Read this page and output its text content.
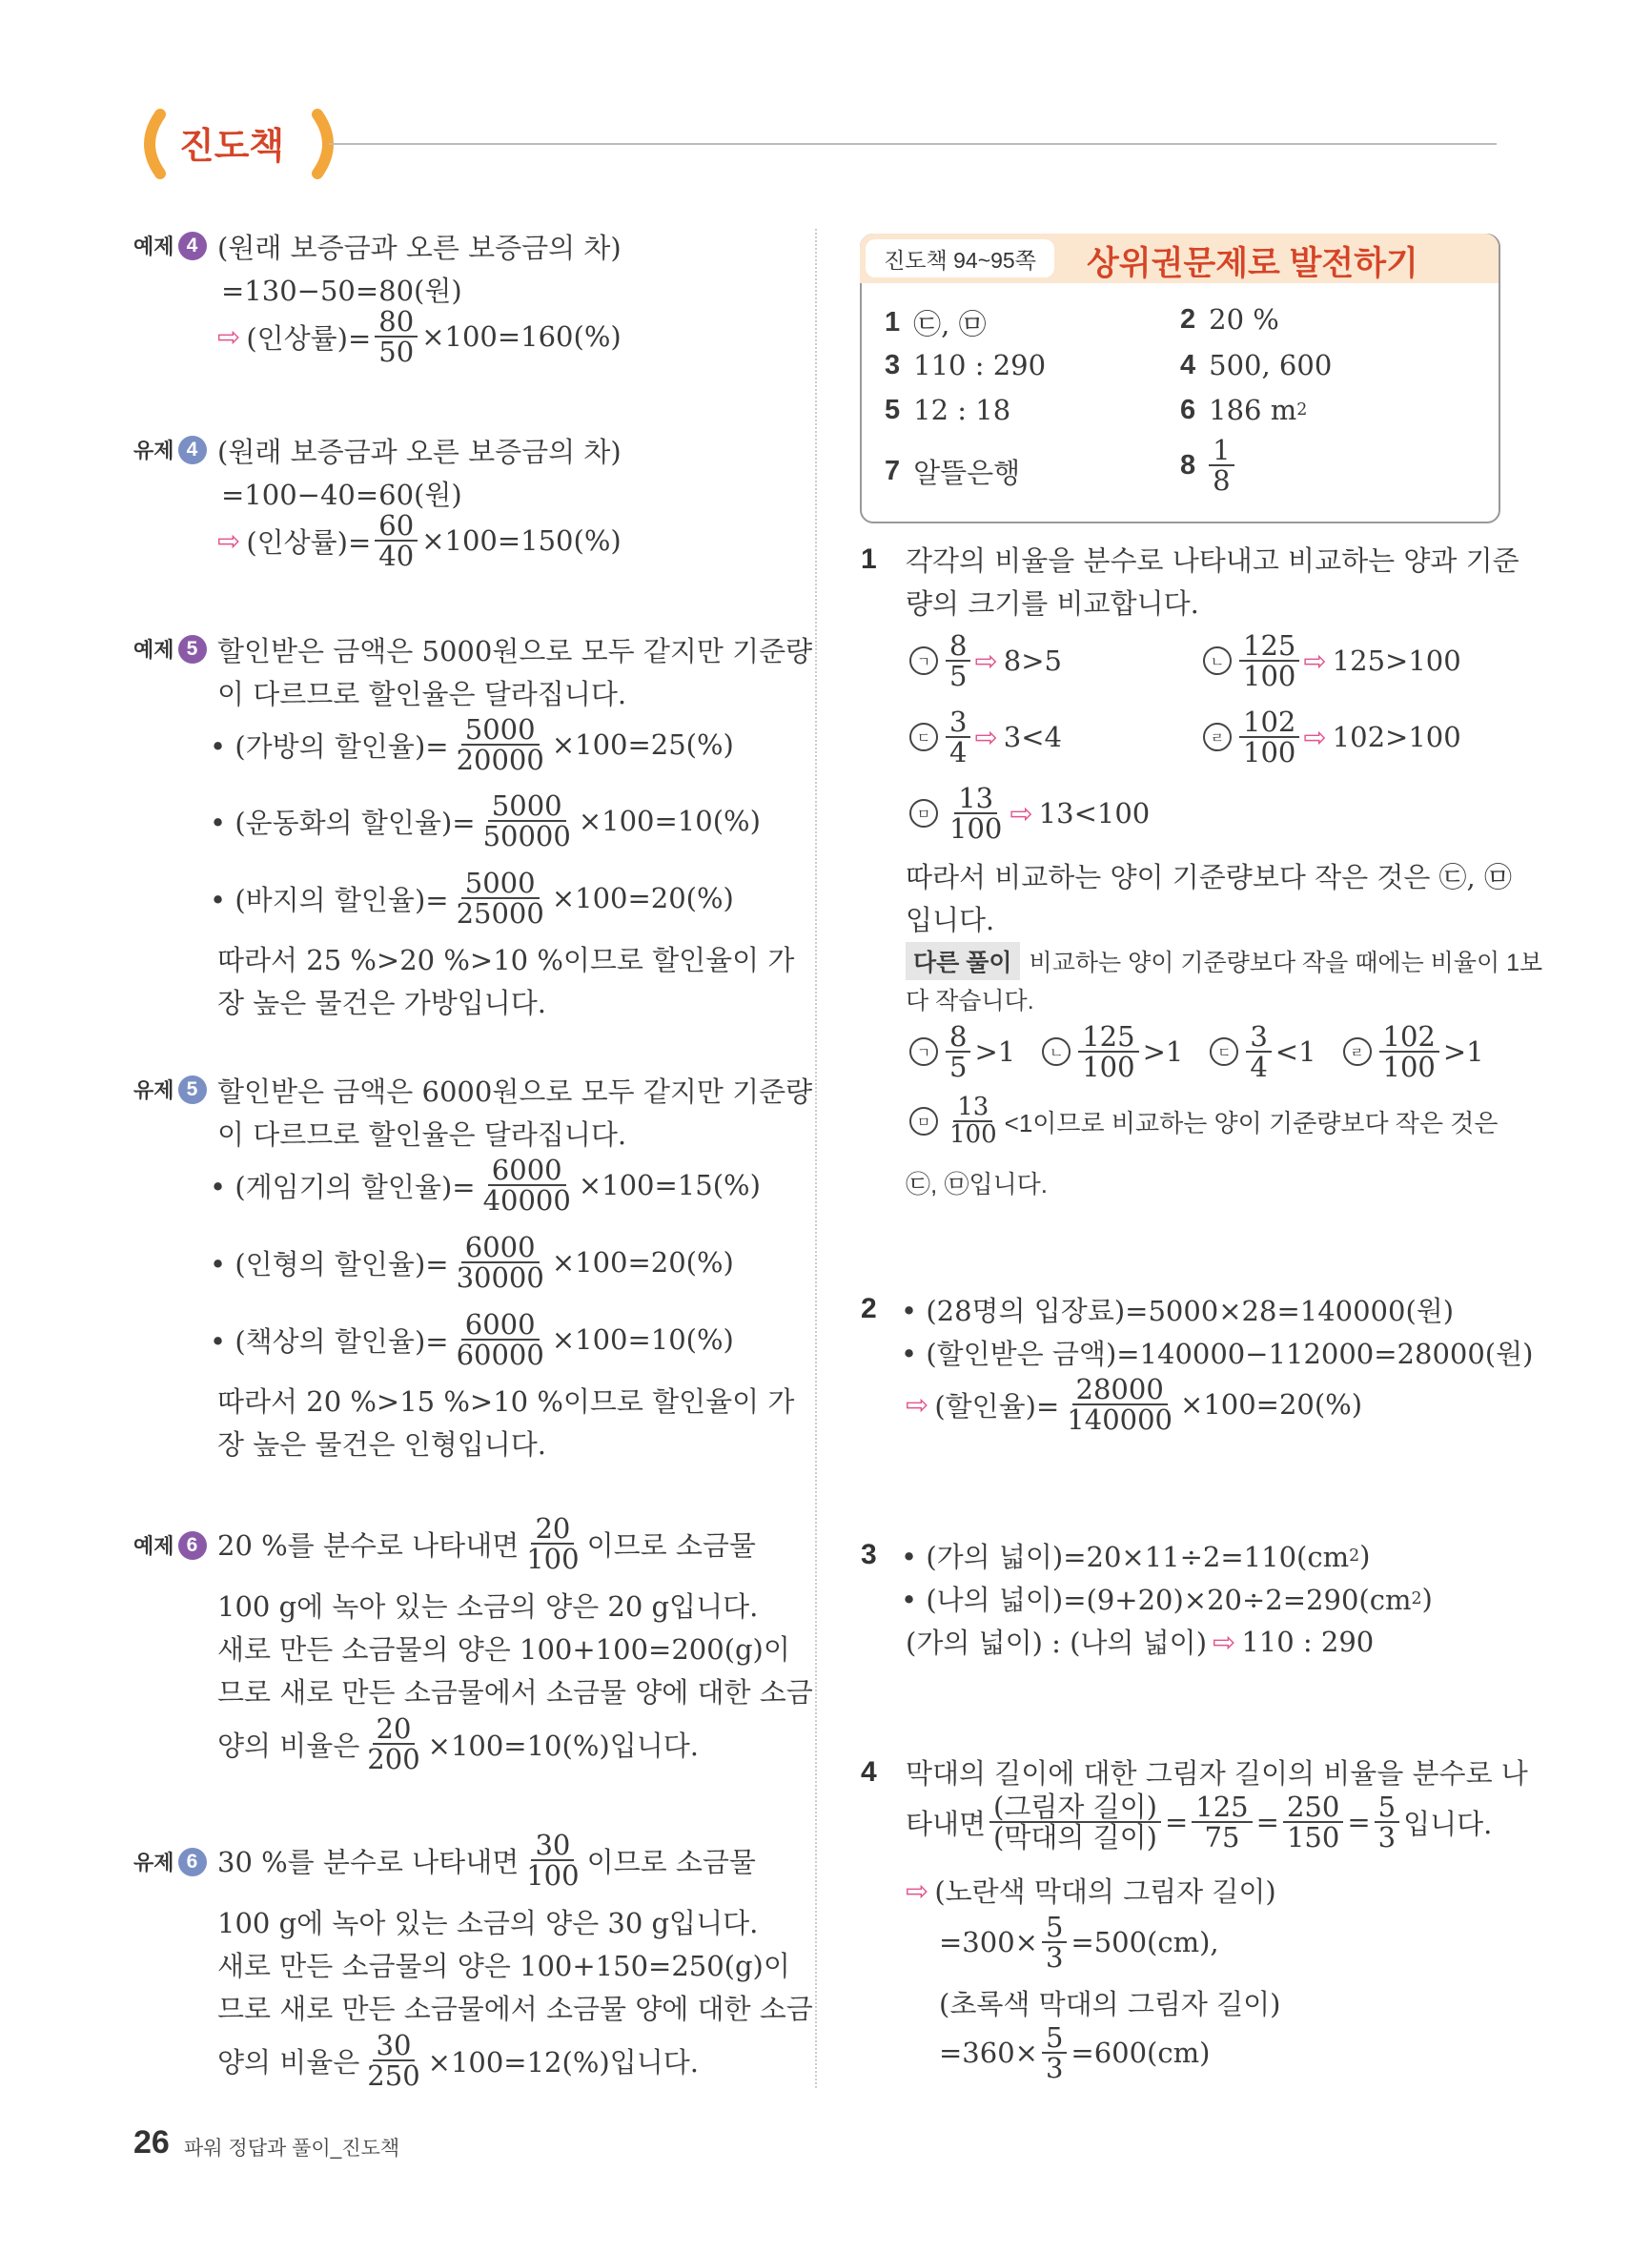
진도책
예제 4 (원래 보증금과 오른 보증금의 차)
=130−50=80(원)
⇨ (인상률)= $\frac{80}{50} \times 100=160(\%)$
유제 4 (원래 보증금과 오른 보증금의 차)
=100−40=60(원)
⇨ (인상률)= $\frac{60}{40} \times 100=150(\%)$
예제 5 할인받은 금액은 5000원으로 모두 같지만 기준량
이 다르므로 할인율은 달라집니다.
• (가방의 할인율)= $\frac{5000}{20000} \times 100=25(\%)$
• (운동화의 할인율)= $\frac{5000}{50000} \times 100=10(\%)$
• (바지의 할인율)= $\frac{5000}{25000} \times 100=20(\%)$
따라서 25 %>20 %>10 %이므로 할인율이 가
장 높은 물건은 가방입니다.
유제 5 할인받은 금액은 6000원으로 모두 같지만 기준량
이 다르므로 할인율은 달라집니다.
• (게임기의 할인율)= $\frac{6000}{40000} \times 100=15(\%)$
• (인형의 할인율)= $\frac{6000}{30000} \times 100=20(\%)$
• (책상의 할인율)= $\frac{6000}{60000} \times 100=10(\%)$
따라서 20 %>15 %>10 %이므로 할인율이 가
장 높은 물건은 인형입니다.
예제 6 20 %를 분수로 나타내면 $\frac{20}{100}$ 이므로 소금물
100 g에 녹아 있는 소금의 양은 20 g입니다.
새로 만든 소금물의 양은 100+100=200(g)이
므로 새로 만든 소금물에서 소금물 양에 대한 소금
양의 비율은 $\frac{20}{200} \times 100=10(\%)$입니다.
유제 6 30 %를 분수로 나타내면 $\frac{30}{100}$ 이므로 소금물
100 g에 녹아 있는 소금의 양은 30 g입니다.
새로 만든 소금물의 양은 100+150=250(g)이
므로 새로 만든 소금물에서 소금물 양에 대한 소금
양의 비율은 $\frac{30}{250} \times 100=12(\%)$입니다.
진도책 94~95쪽	상위권문제로 발전하기
1 ㉢, ㉤	2 20 %
3 110 : 290	4 500, 600
5 12 : 18	6 186 m 2
7 알뜰은행	$8 \frac{1}{8}$
1 각각의 비율을 분수로 나타내고 비교하는 양과 기준
량의 크기를 비교합니다.
ㄱ $\frac{8}{5}$ ⇨ 8>5	ㄴ $\frac{125}{100}$ ⇨ 125>100
ㄷ $\frac{3}{4}$ ⇨ 3<4	ㄹ $\frac{102}{100}$ ⇨ 102>100
ㅁ $\frac{13}{100}$ ⇨ 13<100
따라서 비교하는 양이 기준량보다 작은 것은 ㉢, ㉤
입니다.
다른 풀이 비교하는 양이 기준량보다 작을 때에는 비율이 1보
다 작습니다.
ㄱ $\frac{8}{5} >1$	ㄴ $\frac{125}{100} >1$	ㄷ $\frac{3}{4} <1$	ㄹ $\frac{102}{100} >1$
ㅁ $\frac{13}{100} <1$이므로 비교하는 양이 기준량보다 작은 것은
㉢, ㉤입니다.
2 • (28명의 입장료)=5000×28=140000(원)
• (할인받은 금액)=140000−112000=28000(원)
⇨ (할인율)= $\frac{28000}{140000} \times 100=20(\%)$
3 • (가의 넓이)=20×11÷2=110(cm 2 )
• (나의 넓이)=(9+20)×20÷2=290(cm 2 )
(가의 넓이) : (나의 넓이) ⇨ 110 : 290
4 막대의 길이에 대한 그림자 길이의 비율을 분수로 나
타내면 $\frac{\text{(그림자 길이)}}{\text{(막대의 길이)}} = \frac{125}{75} = \frac{250}{150} = \frac{5}{3}$ 입니다.
⇨ (노란색 막대의 그림자 길이)
$=300\times \frac{5}{3} =500(cm)$,
(초록색 막대의 그림자 길이)
$=360\times \frac{5}{3} =600(cm)$
26 파워 정답과 풀이_진도책
